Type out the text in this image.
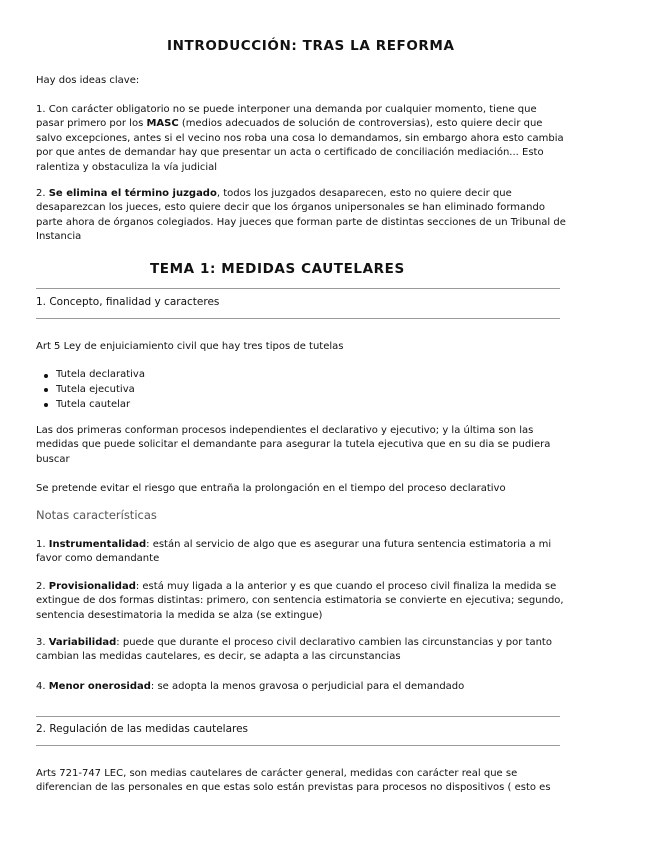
INTRODUCCIÓN: TRAS LA REFORMA

Hay dos ideas clave:

1. Con carácter obligatorio no se puede interponer una demanda por cualquier momento, tiene que pasar primero por los MASC (medios adecuados de solución de controversias), esto quiere decir que salvo excepciones, antes si el vecino nos roba una cosa lo demandamos, sin embargo ahora esto cambia por que antes de demandar hay que presentar un acta o certificado de conciliación mediación... Esto ralentiza y obstaculiza la vía judicial

2. Se elimina el término juzgado, todos los juzgados desaparecen, esto no quiere decir que desaparezcan los jueces, esto quiere decir que los órganos unipersonales se han eliminado formando parte ahora de órganos colegiados. Hay jueces que forman parte de distintas secciones de un Tribunal de Instancia

TEMA 1: MEDIDAS CAUTELARES
1. Concepto, finalidad y caracteres

Art 5 Ley de enjuiciamiento civil que hay tres tipos de tutelas

Tutela declarativa
Tutela ejecutiva
Tutela cautelar

Las dos primeras conforman procesos independientes el declarativo y ejecutivo; y la última son las medidas que puede solicitar el demandante para asegurar la tutela ejecutiva que en su dia se pudiera buscar

Se pretende evitar el riesgo que entraña la prolongación en el tiempo del proceso declarativo

Notas características

1. Instrumentalidad: están al servicio de algo que es asegurar una futura sentencia estimatoria a mi favor como demandante

2. Provisionalidad: está muy ligada a la anterior y es que cuando el proceso civil finaliza la medida se extingue de dos formas distintas: primero, con sentencia estimatoria se convierte en ejecutiva; segundo, sentencia desestimatoria la medida se alza (se extingue)

3. Variabilidad: puede que durante el proceso civil declarativo cambien las circunstancias y por tanto cambian las medidas cautelares, es decir, se adapta a las circunstancias

4. Menor onerosidad: se adopta la menos gravosa o perjudicial para el demandado

2. Regulación de las medidas cautelares

Arts 721-747 LEC, son medias cautelares de carácter general, medidas con carácter real que se diferencian de las personales en que estas solo están previstas para procesos no dispositivos ( esto es
